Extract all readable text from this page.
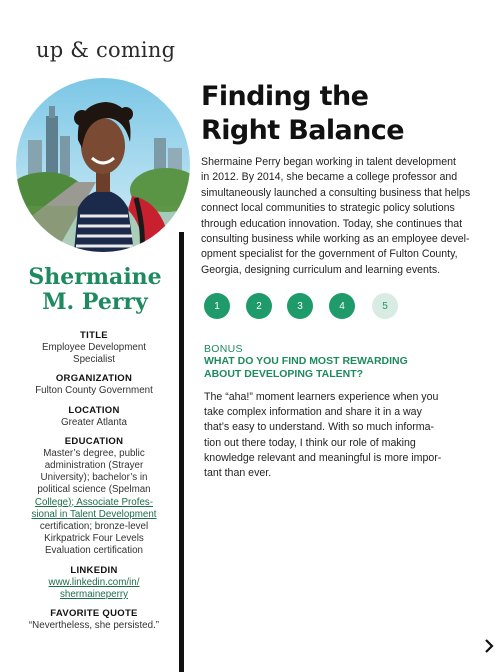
up & coming
Shermaine
M. Perry
TITLE
Employee Development
Specialist
ORGANIZATION
Fulton County Government
LOCATION
Greater Atlanta
EDUCATION
Master’s degree, public
administration (Strayer
University); bachelor’s in
political science (Spelman
College); Associate Profes-
sional in Talent Development
certification; bronze-level
Kirkpatrick Four Levels
Evaluation certification
LINKEDIN
www.linkedin.com/in/
shermaineperry
FAVORITE QUOTE
“Nevertheless, she persisted.”
Finding the
Right Balance
Shermaine Perry began working in talent development
in 2012. By 2014, she became a college professor and
simultaneously launched a consulting business that helps
connect local communities to strategic policy solutions
through education innovation. Today, she continues that
consulting business while working as an employee devel-
opment specialist for the government of Fulton County,
Georgia, designing curriculum and learning events.
1	2	3	4	5
BONUS
WHAT DO YOU FIND MOST REWARDING
ABOUT DEVELOPING TALENT?
The “aha!” moment learners experience when you
take complex information and share it in a way
that’s easy to understand. With so much informa-
tion out there today, I think our role of making
knowledge relevant and meaningful is more impor-
tant than ever.
